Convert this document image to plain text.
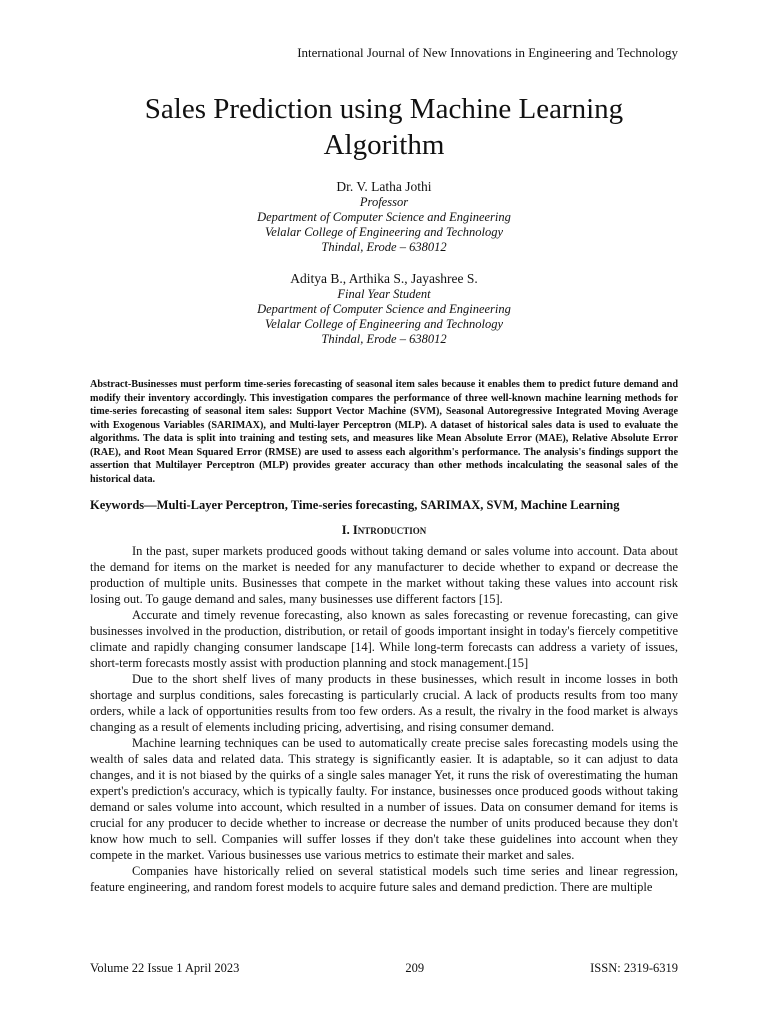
International Journal of New Innovations in Engineering and Technology
Sales Prediction using Machine Learning Algorithm
Dr. V. Latha Jothi
Professor
Department of Computer Science and Engineering
Velalar College of Engineering and Technology
Thindal, Erode – 638012
Aditya B., Arthika S., Jayashree S.
Final Year Student
Department of Computer Science and Engineering
Velalar College of Engineering and Technology
Thindal, Erode – 638012

Abstract-Businesses must perform time-series forecasting of seasonal item sales because it enables them to predict future demand and modify their inventory accordingly. This investigation compares the performance of three well-known machine learning methods for time-series forecasting of seasonal item sales: Support Vector Machine (SVM), Seasonal Autoregressive Integrated Moving Average with Exogenous Variables (SARIMAX), and Multi-layer Perceptron (MLP). A dataset of historical sales data is used to evaluate the algorithms. The data is split into training and testing sets, and measures like Mean Absolute Error (MAE), Relative Absolute Error (RAE), and Root Mean Squared Error (RMSE) are used to assess each algorithm's performance. The analysis's findings support the assertion that Multilayer Perceptron (MLP) provides greater accuracy than other methods incalculating the seasonal sales of the historical data.

Keywords—Multi-Layer Perceptron, Time-series forecasting, SARIMAX, SVM, Machine Learning

I. Introduction

In the past, super markets produced goods without taking demand or sales volume into account. Data about the demand for items on the market is needed for any manufacturer to decide whether to expand or decrease the production of multiple units. Businesses that compete in the market without taking these values into account risk losing out. To gauge demand and sales, many businesses use different factors [15].

Accurate and timely revenue forecasting, also known as sales forecasting or revenue forecasting, can give businesses involved in the production, distribution, or retail of goods important insight in today's fiercely competitive climate and rapidly changing consumer landscape [14]. While long-term forecasts can address a variety of issues, short-term forecasts mostly assist with production planning and stock management.[15]

Due to the short shelf lives of many products in these businesses, which result in income losses in both shortage and surplus conditions, sales forecasting is particularly crucial. A lack of products results from too many orders, while a lack of opportunities results from too few orders. As a result, the rivalry in the food market is always changing as a result of elements including pricing, advertising, and rising consumer demand.

Machine learning techniques can be used to automatically create precise sales forecasting models using the wealth of sales data and related data. This strategy is significantly easier. It is adaptable, so it can adjust to data changes, and it is not biased by the quirks of a single sales manager Yet, it runs the risk of overestimating the human expert's prediction's accuracy, which is typically faulty. For instance, businesses once produced goods without taking demand or sales volume into account, which resulted in a number of issues. Data on consumer demand for items is crucial for any producer to decide whether to increase or decrease the number of units produced because they don't know how much to sell. Companies will suffer losses if they don't take these guidelines into account when they compete in the market. Various businesses use various metrics to estimate their market and sales.

Companies have historically relied on several statistical models such time series and linear regression, feature engineering, and random forest models to acquire future sales and demand prediction. There are multiple

Volume 22 Issue 1 April 2023	209	ISSN: 2319-6319
